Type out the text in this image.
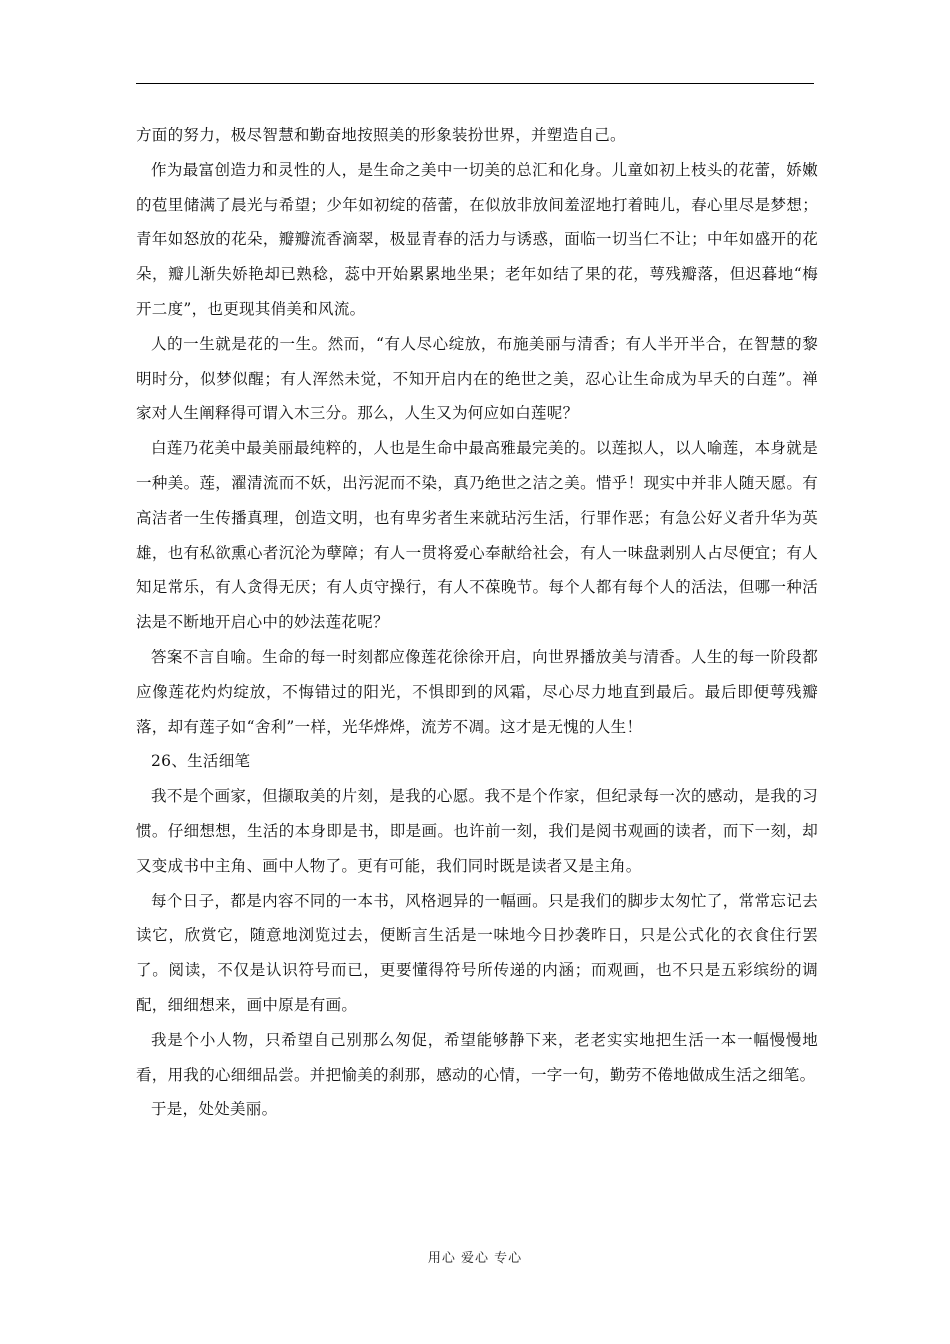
方面的努力，极尽智慧和勤奋地按照美的形象装扮世界，并塑造自己。

作为最富创造力和灵性的人，是生命之美中一切美的总汇和化身。儿童如初上枝头的花蕾，娇嫩的苞里储满了晨光与希望；少年如初绽的蓓蕾，在似放非放间羞涩地打着盹儿，春心里尽是梦想；青年如怒放的花朵，瓣瓣流香滴翠，极显青春的活力与诱惑，面临一切当仁不让；中年如盛开的花朵，瓣儿渐失娇艳却已熟稔，蕊中开始累累地坐果；老年如结了果的花，萼残瓣落，但迟暮地“梅开二度”，也更现其俏美和风流。

人的一生就是花的一生。然而，“有人尽心绽放，布施美丽与清香；有人半开半合，在智慧的黎明时分，似梦似醒；有人浑然未觉，不知开启内在的绝世之美，忍心让生命成为早夭的白莲”。禅家对人生阐释得可谓入木三分。那么，人生又为何应如白莲呢？

白莲乃花美中最美丽最纯粹的，人也是生命中最高雅最完美的。以莲拟人，以人喻莲，本身就是一种美。莲，濯清流而不妖，出污泥而不染，真乃绝世之洁之美。惜乎！现实中并非人随天愿。有高洁者一生传播真理，创造文明，也有卑劣者生来就玷污生活，行罪作恶；有急公好义者升华为英雄，也有私欲熏心者沉沦为孽障；有人一贯将爱心奉献给社会，有人一味盘剥别人占尽便宜；有人知足常乐，有人贪得无厌；有人贞守操行，有人不葆晚节。每个人都有每个人的活法，但哪一种活法是不断地开启心中的妙法莲花呢？

答案不言自喻。生命的每一时刻都应像莲花徐徐开启，向世界播放美与清香。人生的每一阶段都应像莲花灼灼绽放，不悔错过的阳光，不惧即到的风霜，尽心尽力地直到最后。最后即便萼残瓣落，却有莲子如“舍利”一样，光华烨烨，流芳不凋。这才是无愧的人生！

26、生活细笔

我不是个画家，但撷取美的片刻，是我的心愿。我不是个作家，但纪录每一次的感动，是我的习惯。仔细想想，生活的本身即是书，即是画。也许前一刻，我们是阅书观画的读者，而下一刻，却又变成书中主角、画中人物了。更有可能，我们同时既是读者又是主角。

每个日子，都是内容不同的一本书，风格迥异的一幅画。只是我们的脚步太匆忙了，常常忘记去读它，欣赏它，随意地浏览过去，便断言生活是一味地今日抄袭昨日，只是公式化的衣食住行罢了。阅读，不仅是认识符号而已，更要懂得符号所传递的内涵；而观画，也不只是五彩缤纷的调配，细细想来，画中原是有画。

我是个小人物，只希望自己别那么匆促，希望能够静下来，老老实实地把生活一本一幅慢慢地看，用我的心细细品尝。并把愉美的刹那，感动的心情，一字一句，勤劳不倦地做成生活之细笔。

于是，处处美丽。

用心 爱心 专心
